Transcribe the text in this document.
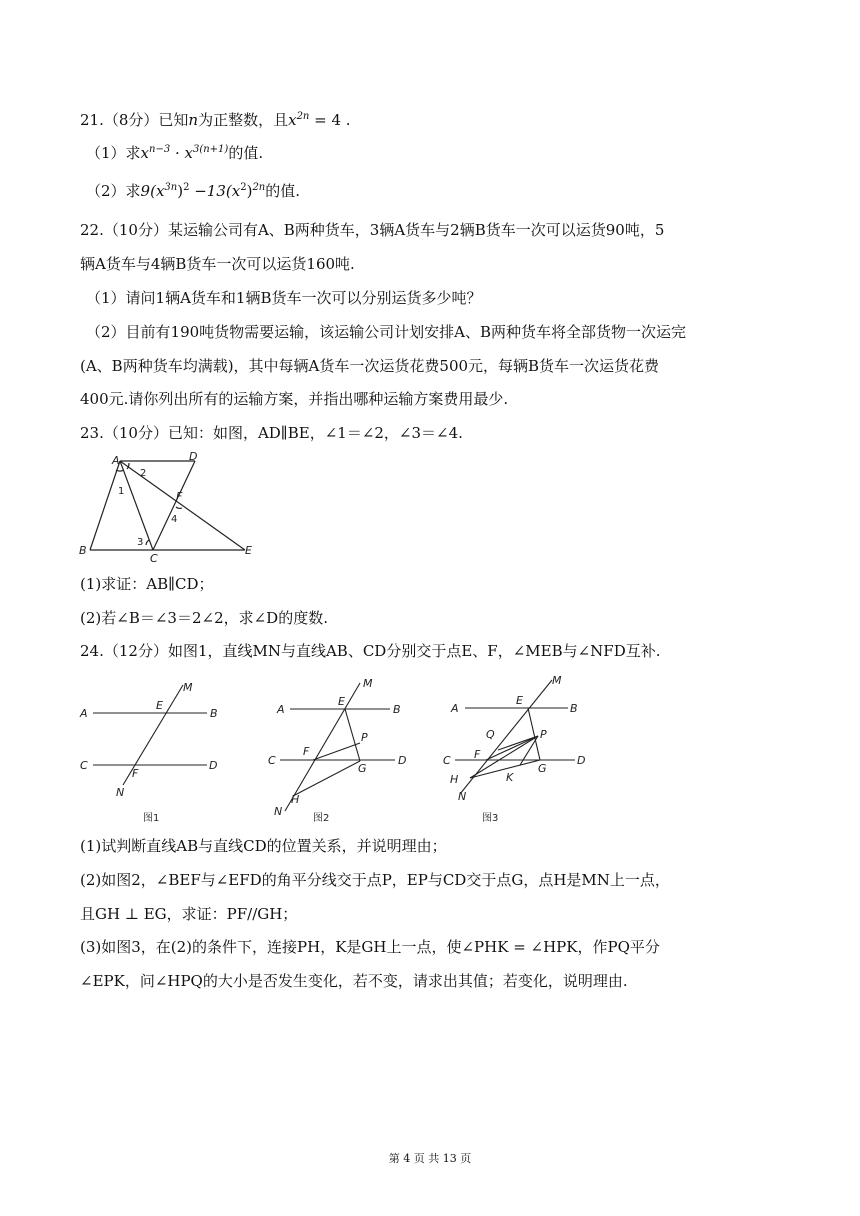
21.（8分）已知n为正整数，且$x^{2n} = 4$ .
（1）求$x^{n-3} \cdot x^{3(n+1)}$的值.
（2）求$9(x^{3n})^2 -13(x^2)^{2n}$的值.
22.（10分）某运输公司有A、B两种货车，3辆A货车与2辆B货车一次可以运货90吨，5
辆A货车与4辆B货车一次可以运货160吨.
（1）请问1辆A货车和1辆B货车一次可以分别运货多少吨？
（2）目前有190吨货物需要运输，该运输公司计划安排A、B两种货车将全部货物一次运完
(A、B两种货车均满载)，其中每辆A货车一次运货花费500元，每辆B货车一次运货花费
400元.请你列出所有的运输方案，并指出哪种运输方案费用最少.
23.（10分）已知：如图，AD∥BE，∠1＝∠2，∠3＝∠4.
A	D
1
2
F
4
B
3
C
E
(1)求证：AB∥CD；
(2)若∠B＝∠3＝2∠2，求∠D的度数.
24.（12分）如图1，直线MN与直线AB、CD分别交于点E、F，∠MEB与∠NFD互补.
M
A
E
B
C
F
D
N
图1
M
A
E
B
P
C
F
G
D
H
N
图2
M
A
E
B
Q	P
C F
G
D
K
H
N
图3
(1)试判断直线AB与直线CD的位置关系，并说明理由；
(2)如图2，∠BEF与∠EFD的角平分线交于点P，EP与CD交于点G，点H是MN上一点，
且GH ⊥ EG，求证：PF//GH；
(3)如图3，在(2)的条件下，连接PH，K是GH上一点，使∠PHK = ∠HPK，作PQ平分
∠EPK，问∠HPQ的大小是否发生变化，若不变，请求出其值；若变化，说明理由.
第 4 页 共 13 页
